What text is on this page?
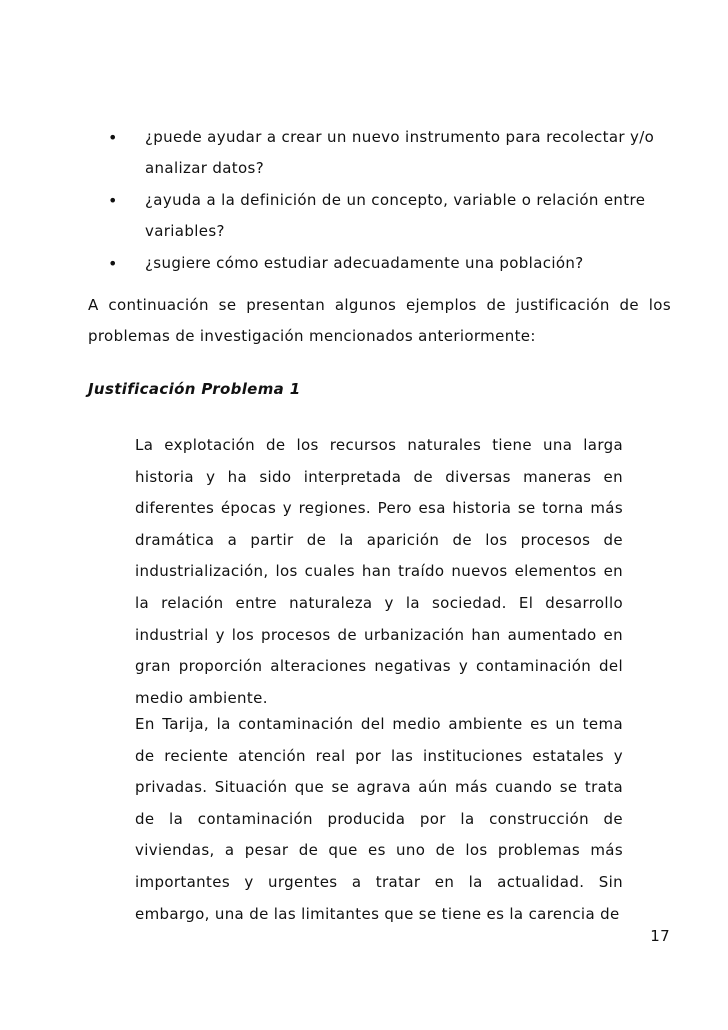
•	¿puede ayudar a crear un nuevo instrumento para recolectar y/o analizar datos?
•	¿ayuda a la definición de un concepto, variable o relación entre variables?
•	¿sugiere cómo estudiar adecuadamente una población?

A continuación se presentan algunos ejemplos de justificación de los problemas de investigación mencionados anteriormente:

Justificación Problema 1

La explotación de los recursos naturales tiene una larga historia y ha sido interpretada de diversas maneras en diferentes épocas y regiones. Pero esa historia se torna más dramática a partir de la aparición de los procesos de industrialización, los cuales han traído nuevos elementos en la relación entre naturaleza y la sociedad. El desarrollo industrial y los procesos de urbanización han aumentado en gran proporción alteraciones negativas y contaminación del medio ambiente.

En Tarija, la contaminación del medio ambiente es un tema de reciente atención real por las instituciones estatales y privadas. Situación que se agrava aún más cuando se trata de la contaminación producida por la construcción de viviendas, a pesar de que es uno de los problemas más importantes y urgentes a tratar en la actualidad. Sin embargo, una de las limitantes que se tiene es la carencia de

17
